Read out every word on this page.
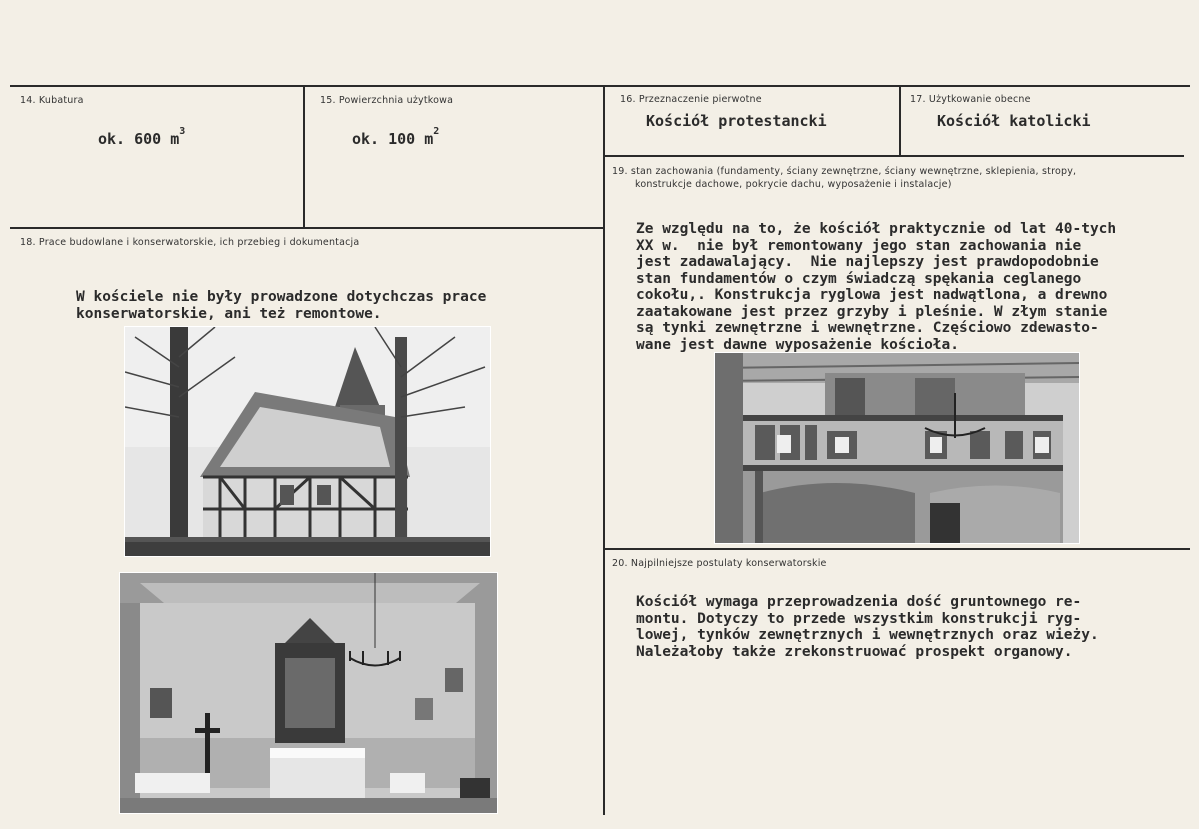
14. Kubatura
ok. 600 $m^3$
15. Powierzchnia użytkowa
ok. 100 $m^2$
16. Przeznaczenie pierwotne
Kościół protestancki
17. Użytkowanie obecne
Kościół katolicki
18. Prace budowlane i konserwatorskie, ich przebieg i dokumentacja
W kościele nie były prowadzone dotychczas prace
konserwatorskie, ani też remontowe.
19. stan zachowania (fundamenty, ściany zewnętrzne, ściany wewnętrzne, sklepienia, stropy,
konstrukcje dachowe, pokrycie dachu, wyposażenie i instalacje)
Ze względu na to, że kościół praktycznie od lat 40-tych
XX w.  nie był remontowany jego stan zachowania nie
jest zadawalający.  Nie najlepszy jest prawdopodobnie
stan fundamentów o czym świadczą spękania ceglanego
cokołu,. Konstrukcja ryglowa jest nadwątlona, a drewno
zaatakowane jest przez grzyby i pleśnie. W złym stanie
są tynki zewnętrzne i wewnętrzne. Częściowo zdewasto-
wane jest dawne wyposażenie kościoła.
20. Najpilniejsze postulaty konserwatorskie
Kościół wymaga przeprowadzenia dość gruntownego re-
montu. Dotyczy to przede wszystkim konstrukcji ryg-
lowej, tynków zewnętrznych i wewnętrznych oraz wieży.
Należałoby także zrekonstruować prospekt organowy.
